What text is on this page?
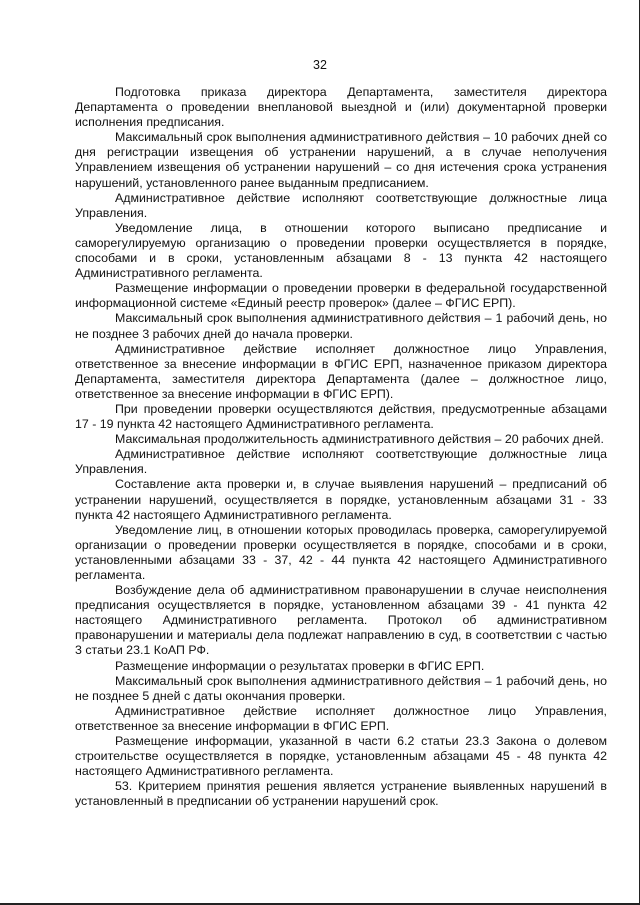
32

Подготовка приказа директора Департамента, заместителя директора Департамента о проведении внеплановой выездной и (или) документарной проверки исполнения предписания.

Максимальный срок выполнения административного действия – 10 рабочих дней со дня регистрации извещения об устранении нарушений, а в случае неполучения Управлением извещения об устранении нарушений – со дня истечения срока устранения нарушений, установленного ранее выданным предписанием.

Административное действие исполняют соответствующие должностные лица Управления.

Уведомление лица, в отношении которого выписано предписание и саморегулируемую организацию о проведении проверки осуществляется в порядке, способами и в сроки, установленным абзацами 8 - 13 пункта 42 настоящего Административного регламента.

Размещение информации о проведении проверки в федеральной государственной информационной системе «Единый реестр проверок» (далее – ФГИС ЕРП).

Максимальный срок выполнения административного действия – 1 рабочий день, но не позднее 3 рабочих дней до начала проверки.

Административное действие исполняет должностное лицо Управления, ответственное за внесение информации в ФГИС ЕРП, назначенное приказом директора Департамента, заместителя директора Департамента (далее – должностное лицо, ответственное за внесение информации в ФГИС ЕРП).

При проведении проверки осуществляются действия, предусмотренные абзацами 17 - 19 пункта 42 настоящего Административного регламента.

Максимальная продолжительность административного действия – 20 рабочих дней.

Административное действие исполняют соответствующие должностные лица Управления.

Составление акта проверки и, в случае выявления нарушений – предписаний об устранении нарушений, осуществляется в порядке, установленным абзацами 31 - 33 пункта 42 настоящего Административного регламента.

Уведомление лиц, в отношении которых проводилась проверка, саморегулируемой организации о проведении проверки осуществляется в порядке, способами и в сроки, установленными абзацами 33 - 37, 42 - 44 пункта 42 настоящего Административного регламента.

Возбуждение дела об административном правонарушении в случае неисполнения предписания осуществляется в порядке, установленном абзацами 39 - 41 пункта 42 настоящего Административного регламента. Протокол об административном правонарушении и материалы дела подлежат направлению в суд, в соответствии с частью 3 статьи 23.1 КоАП РФ.

Размещение информации о результатах проверки в ФГИС ЕРП.

Максимальный срок выполнения административного действия – 1 рабочий день, но не позднее 5 дней с даты окончания проверки.

Административное действие исполняет должностное лицо Управления, ответственное за внесение информации в ФГИС ЕРП.

Размещение информации, указанной в части 6.2 статьи 23.3 Закона о долевом строительстве осуществляется в порядке, установленным абзацами 45 - 48 пункта 42 настоящего Административного регламента.

53. Критерием принятия решения является устранение выявленных нарушений в установленный в предписании об устранении нарушений срок.
